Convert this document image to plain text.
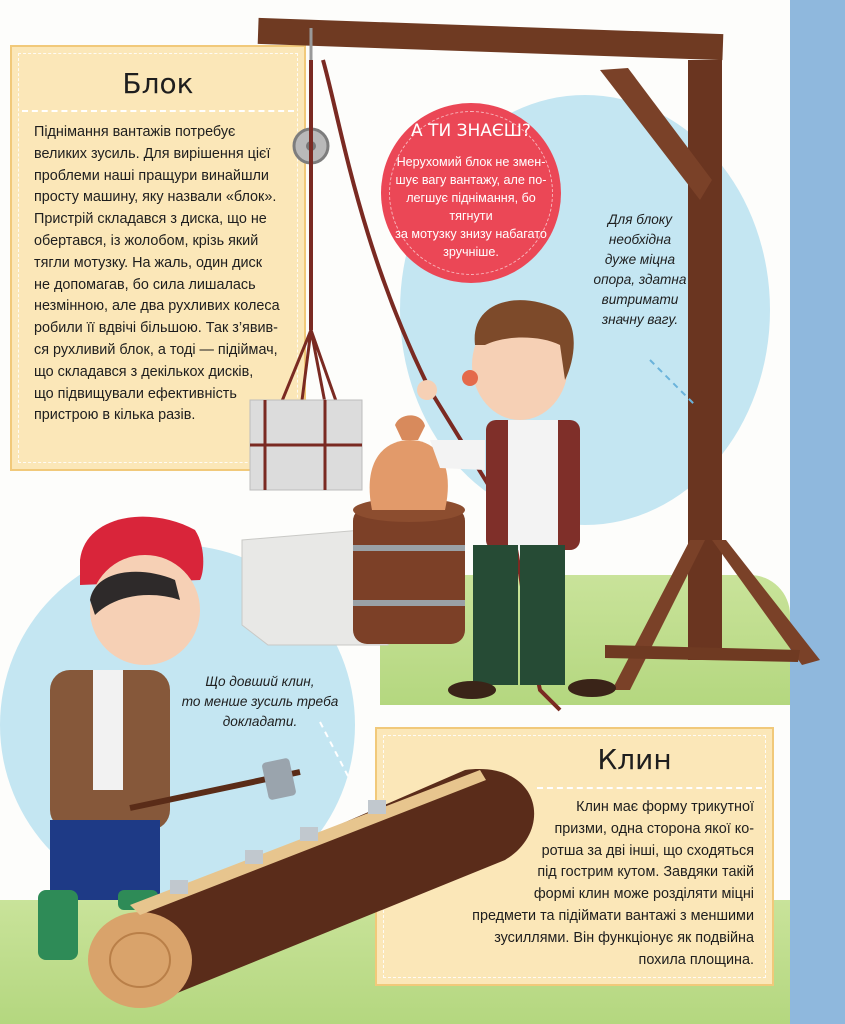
Блок
Піднімання вантажів потребує
великих зусиль. Для вирішення цієї
проблеми наші пращури винайшли
просту машину, яку назвали «блок».
Пристрій складався з диска, що не
обертався, із жолобом, крізь який
тягли мотузку. На жаль, один диск
не допомагав, бо сила лишалась
незмінною, але два рухливих колеса
робили її вдвічі більшою. Так з’явив-
ся рухливий блок, а тоді — підіймач,
що складався з декількох дисків,
що підвищували ефективність
пристрою в кілька разів.
Клин
Клин має форму трикутної
призми, одна сторона якої ко-
ротша за дві інші, що сходяться
під гострим кутом. Завдяки такій
формі клин може розділяти міцні
предмети та підіймати вантажі з меншими
зусиллями. Він функціонує як подвійна
похила площина.
А ТИ ЗНАЄШ?
Нерухомий блок не змен-
шує вагу вантажу, але по-
легшує піднімання, бо тягнути
за мотузку знизу набагато
зручніше.
Для блоку
необхідна
дуже міцна
опора, здатна
витримати
значну вагу.
Що довший клин,
то менше зусиль треба
докладати.
